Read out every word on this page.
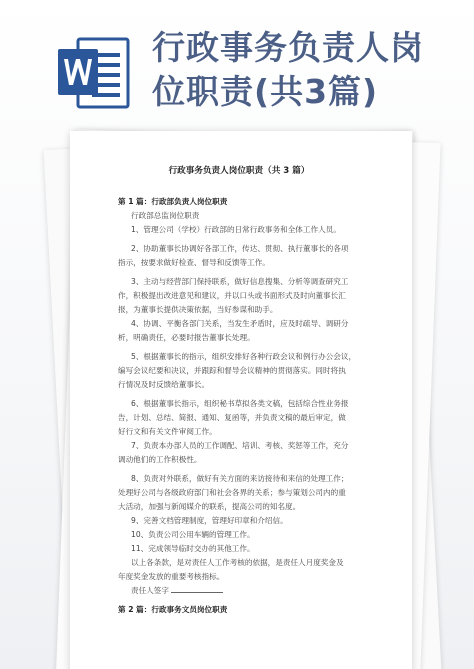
行政事务负责人岗
位职责(共3篇)
行政事务负责人岗位职责（共 3 篇）
第 1 篇：行政部负责人岗位职责
行政部总监岗位职责
1、管理公司（学校）行政部的日常行政事务和全体工作人员。
2、协助董事长协调好各部工作，传达、贯彻、执行董事长的各项
指示，按要求做好检查、督导和反馈等工作。
3、主动与经营部门保持联系，做好信息搜集、分析等调查研究工
作，积极提出改进意见和建议，并以口头或书面形式及时向董事长汇
报，为董事长提供决策依据，当好参谋和助手。
4、协调、平衡各部门关系，当发生矛盾时，应及时疏导、调研分
析，明确责任，必要时报告董事长处理。
5、根据董事长的指示，组织安排好各种行政会议和例行办公会议，
编写会议纪要和决议，并跟踪和督导会议精神的贯彻落实。同时将执
行情况及时反馈给董事长。
6、根据董事长指示，组织秘书草拟各类文稿，包括综合性业务报
告，计划、总结、简报、通知、复函等，并负责文稿的最后审定，做
好行文和有关文件审阅工作。
7、负责本办部人员的工作调配、培训、考核、奖惩等工作，充分
调动他们的工作积极性。
8、负责对外联系，做好有关方面的来访接待和来信的处理工作；
处理好公司与各级政府部门和社会各界的关系；参与策划公司内的重
大活动，加强与新闻媒介的联系，提高公司的知名度。
9、完善文档管理制度，管理好印章和介绍信。
10、负责公司公用车辆的管理工作。
11、完成领导临时交办的其他工作。
以上各条款，是对责任人工作考核的依据，是责任人月度奖金及
年度奖金发放的重要考核指标。
责任人签字
第 2 篇：行政事务文员岗位职责
